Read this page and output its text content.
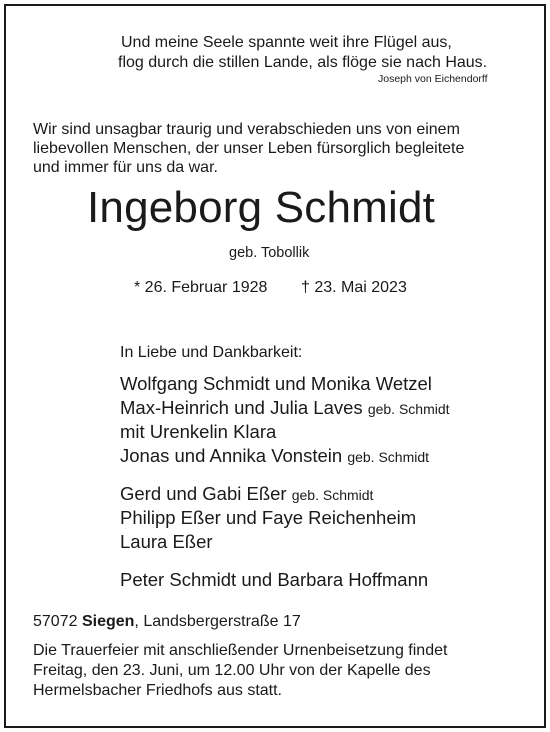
Und meine Seele spannte weit ihre Flügel aus,

flog durch die stillen Lande, als flöge sie nach Haus.

Joseph von Eichendorff

Wir sind unsagbar traurig und verabschieden uns von einem

liebevollen Menschen, der unser Leben fürsorglich begleitete

und immer für uns da war.

Ingeborg Schmidt

geb. Tobollik

* 26. Februar 1928 † 23. Mai 2023

In Liebe und Dankbarkeit:

Wolfgang Schmidt und Monika Wetzel

Max-Heinrich und Julia Laves geb. Schmidt

mit Urenkelin Klara

Jonas und Annika Vonstein geb. Schmidt

Gerd und Gabi Eßer geb. Schmidt

Philipp Eßer und Faye Reichenheim

Laura Eßer

Peter Schmidt und Barbara Hoffmann

57072 Siegen, Landsbergerstraße 17

Die Trauerfeier mit anschließender Urnenbeisetzung findet

Freitag, den 23. Juni, um 12.00 Uhr von der Kapelle des

Hermelsbacher Friedhofs aus statt.
